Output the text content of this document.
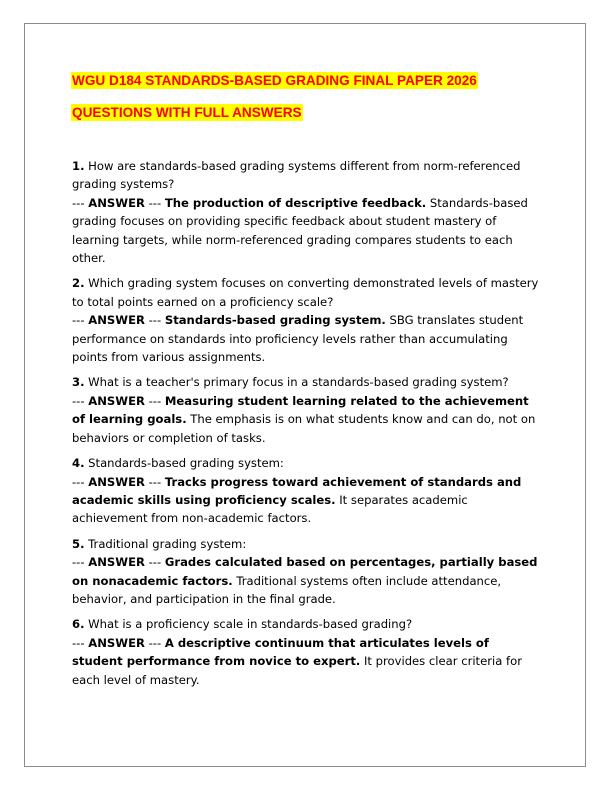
WGU D184 STANDARDS-BASED GRADING FINAL PAPER 2026
QUESTIONS WITH FULL ANSWERS
1. How are standards-based grading systems different from norm-referenced grading systems?
--- ANSWER --- The production of descriptive feedback. Standards-based grading focuses on providing specific feedback about student mastery of learning targets, while norm-referenced grading compares students to each other.
2. Which grading system focuses on converting demonstrated levels of mastery to total points earned on a proficiency scale?
--- ANSWER --- Standards-based grading system. SBG translates student performance on standards into proficiency levels rather than accumulating points from various assignments.
3. What is a teacher's primary focus in a standards-based grading system?
--- ANSWER --- Measuring student learning related to the achievement of learning goals. The emphasis is on what students know and can do, not on behaviors or completion of tasks.
4. Standards-based grading system:
--- ANSWER --- Tracks progress toward achievement of standards and academic skills using proficiency scales. It separates academic achievement from non-academic factors.
5. Traditional grading system:
--- ANSWER --- Grades calculated based on percentages, partially based on nonacademic factors. Traditional systems often include attendance, behavior, and participation in the final grade.
6. What is a proficiency scale in standards-based grading?
--- ANSWER --- A descriptive continuum that articulates levels of student performance from novice to expert. It provides clear criteria for each level of mastery.
